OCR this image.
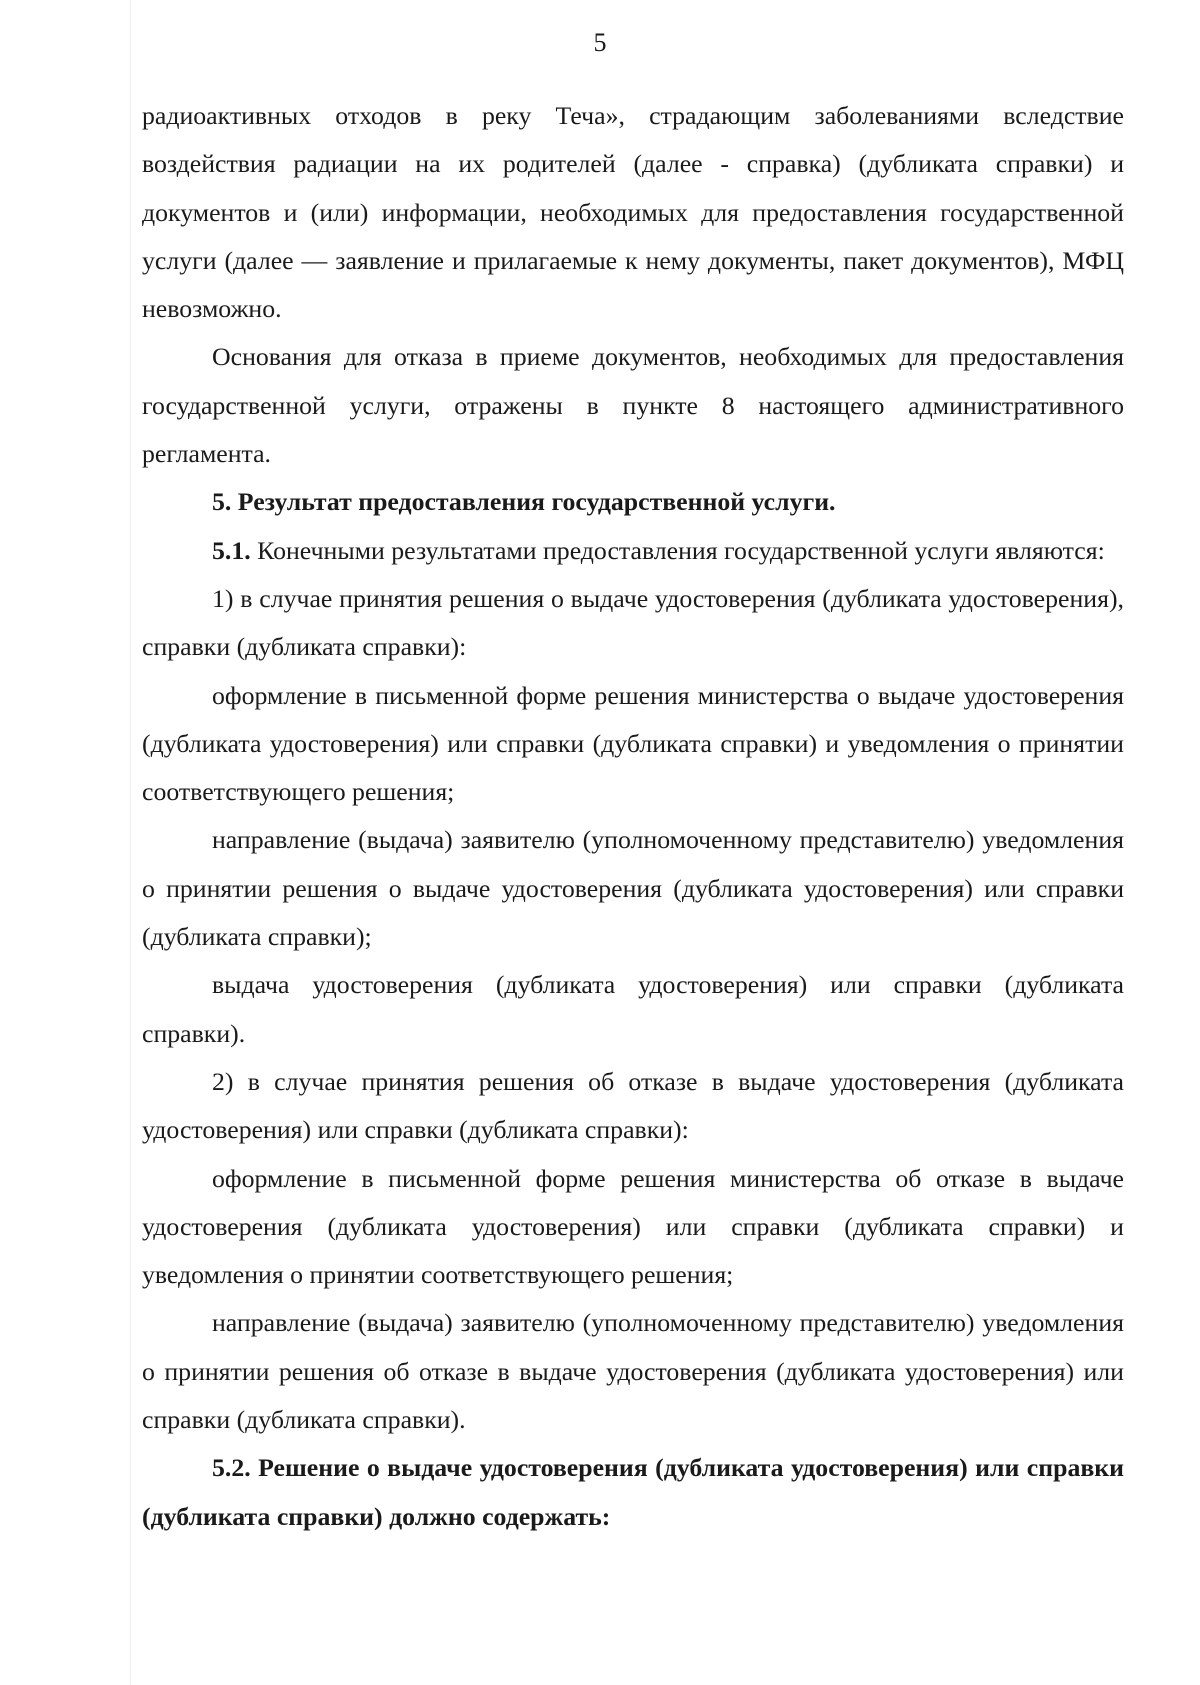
5

радиоактивных отходов в реку Теча», страдающим заболеваниями вследствие воздействия радиации на их родителей (далее - справка) (дубликата справки) и документов и (или) информации, необходимых для предоставления государственной услуги (далее — заявление и прилагаемые к нему документы, пакет документов), МФЦ невозможно.

Основания для отказа в приеме документов, необходимых для предоставления государственной услуги, отражены в пункте 8 настоящего административного регламента.

5. Результат предоставления государственной услуги.

5.1. Конечными результатами предоставления государственной услуги являются:

1) в случае принятия решения о выдаче удостоверения (дубликата удостоверения), справки (дубликата справки):

оформление в письменной форме решения министерства о выдаче удостоверения (дубликата удостоверения) или справки (дубликата справки) и уведомления о принятии соответствующего решения;

направление (выдача) заявителю (уполномоченному представителю) уведомления о принятии решения о выдаче удостоверения (дубликата удостоверения) или справки (дубликата справки);

выдача удостоверения (дубликата удостоверения) или справки (дубликата справки).

2) в случае принятия решения об отказе в выдаче удостоверения (дубликата удостоверения) или справки (дубликата справки):

оформление в письменной форме решения министерства об отказе в выдаче удостоверения (дубликата удостоверения) или справки (дубликата справки) и уведомления о принятии соответствующего решения;

направление (выдача) заявителю (уполномоченному представителю) уведомления о принятии решения об отказе в выдаче удостоверения (дубликата удостоверения) или справки (дубликата справки).

5.2. Решение о выдаче удостоверения (дубликата удостоверения) или справки (дубликата справки) должно содержать:
